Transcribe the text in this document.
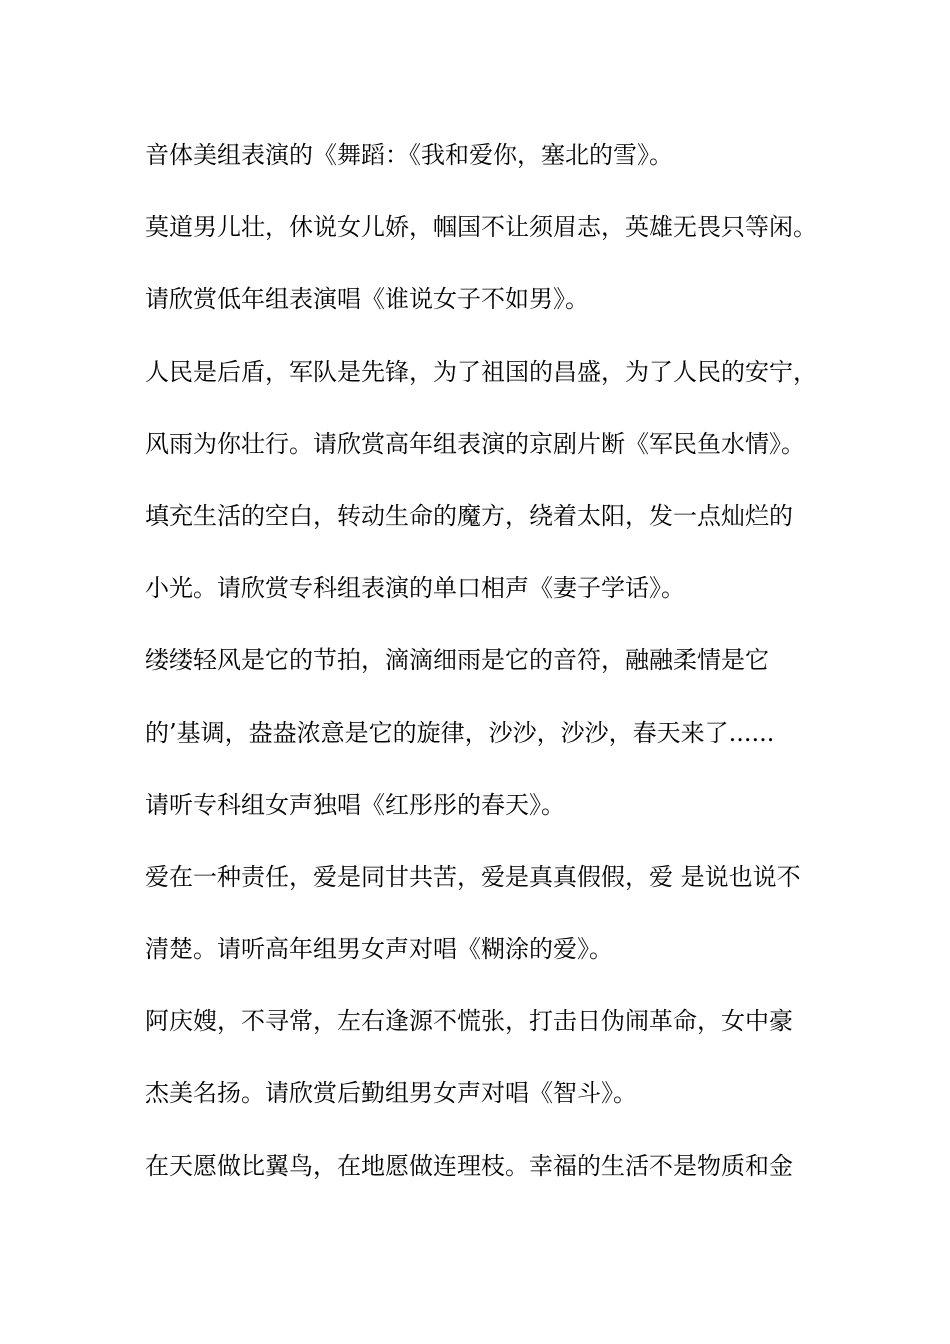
音体美组表演的《舞蹈：《我和爱你，塞北的雪》。
莫道男儿壮，休说女儿娇，帼国不让须眉志，英雄无畏只等闲。
请欣赏低年组表演唱《谁说女子不如男》。
人民是后盾，军队是先锋，为了祖国的昌盛，为了人民的安宁，
风雨为你壮行。请欣赏高年组表演的京剧片断《军民鱼水情》。
填充生活的空白，转动生命的魔方，绕着太阳，发一点灿烂的
小光。请欣赏专科组表演的单口相声《妻子学话》。
缕缕轻风是它的节拍，滴滴细雨是它的音符，融融柔情是它
的’基调，盎盎浓意是它的旋律，沙沙，沙沙，春天来了......
请听专科组女声独唱《红彤彤的春天》。
爱在一种责任，爱是同甘共苦，爱是真真假假，爱 是说也说不
清楚。请听高年组男女声对唱《糊涂的爱》。
阿庆嫂，不寻常，左右逢源不慌张，打击日伪闹革命，女中豪
杰美名扬。请欣赏后勤组男女声对唱《智斗》。
在天愿做比翼鸟，在地愿做连理枝。幸福的生活不是物质和金
